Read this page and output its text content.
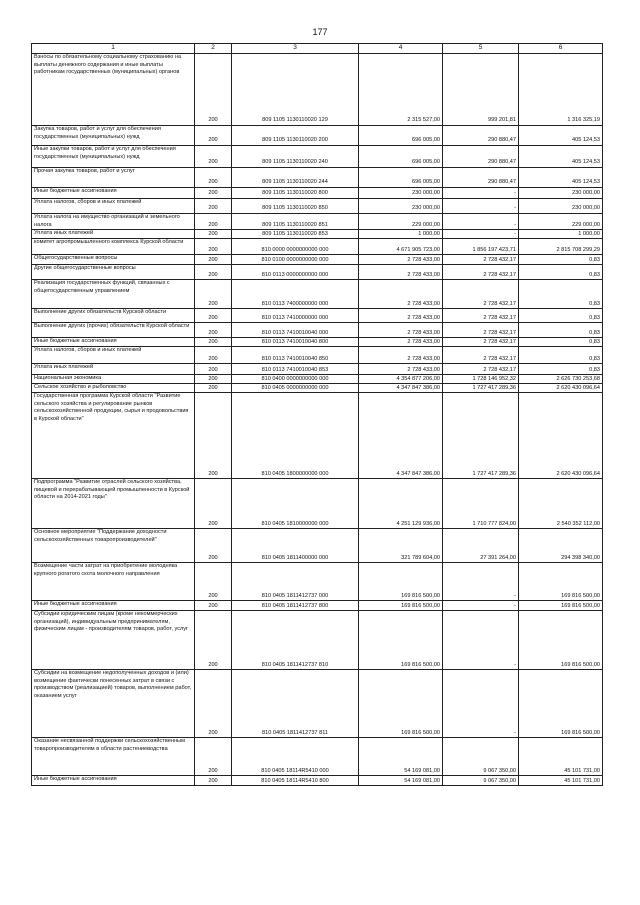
177
1	2	3	4	5	6
Взносы по обязательному социальному страхованию на выплаты денежного содержания и иные выплаты работникам государственных (муниципальных) органов	200	809 1105 1130110020 129	2 315 527,00	999 201,81	1 316 325,19
Закупка товаров, работ и услуг для обеспечения государственных (муниципальных) нужд	200	809 1105 1130110020 200	696 005,00	290 880,47	405 124,53
Иные закупки товаров, работ и услуг для обеспечения государственных (муниципальных) нужд	200	809 1105 1130110020 240	696 005,00	290 880,47	405 124,53
Прочая закупка товаров, работ и услуг	200	809 1105 1130110020 244	696 005,00	290 880,47	405 124,53
Иные бюджетные ассигнования	200	809 1105 1130110020 800	230 000,00	-	230 000,00
Уплата налогов, сборов и иных платежей	200	809 1105 1130110020 850	230 000,00	-	230 000,00
Уплата налога на имущество организаций и земельного налога	200	809 1105 1130110020 851	229 000,00	-	229 000,00
Уплата иных платежей	200	809 1105 1130110020 853	1 000,00	-	1 000,00
комитет агропромышленного комплекса Курской области	200	810 0000 0000000000 000	4 671 905 723,00	1 856 197 423,71	2 815 708 299,29
Общегосударственные вопросы	200	810 0100 0000000000 000	2 728 433,00	2 728 432,17	0,83
Другие общегосударственные вопросы	200	810 0113 0000000000 000	2 728 433,00	2 728 432,17	0,83
Реализация государственных функций, связанных с общегосударственным управлением	200	810 0113 7400000000 000	2 728 433,00	2 728 432,17	0,83
Выполнение других обязательств Курской области	200	810 0113 7410000000 000	2 728 433,00	2 728 432,17	0,83
Выполнение других (прочих) обязательств Курской области	200	810 0113 7410010040 000	2 728 433,00	2 728 432,17	0,83
Иные бюджетные ассигнования	200	810 0113 7410010040 800	2 728 433,00	2 728 432,17	0,83
Уплата налогов, сборов и иных платежей	200	810 0113 7410010040 850	2 728 433,00	2 728 432,17	0,83
Уплата иных платежей	200	810 0113 7410010040 853	2 728 433,00	2 728 432,17	0,83
Национальная экономика	200	810 0400 0000000000 000	4 354 877 206,00	1 728 146 952,32	2 626 730 253,68
Сельское хозяйство и рыболовство	200	810 0405 0000000000 000	4 347 847 386,00	1 727 417 289,36	2 620 430 096,64
Государственная программа Курской области "Развитие сельского хозяйства и регулирование рынков сельскохозяйственной продукции, сырья и продовольствия в Курской области"	200	810 0405 1800000000 000	4 347 847 386,00	1 727 417 289,36	2 620 430 096,64
Подпрограмма "Развитие отраслей сельского хозяйства, пищевой и перерабатывающей промышленности в Курской области на 2014-2021 годы"	200	810 0405 1810000000 000	4 251 129 936,00	1 710 777 824,00	2 540 352 112,00
Основное мероприятие "Поддержание доходности сельскохозяйственных товаропроизводителей"	200	810 0405 1811400000 000	321 789 604,00	27 391 264,00	294 398 340,00
Возмещение части затрат на приобретение молодняка крупного рогатого скота молочного направления	200	810 0405 1811412737 000	169 816 500,00	-	169 816 500,00
Иные бюджетные ассигнования	200	810 0405 1811412737 800	169 816 500,00	-	169 816 500,00
Субсидии юридическим лицам (кроме некоммерческих организаций), индивидуальным предпринимателям, физическим лицам - производителям товаров, работ, услуг	200	810 0405 1811412737 810	169 816 500,00	-	169 816 500,00
Субсидии на возмещение недополученных доходов и (или) возмещение фактически понесенных затрат в связи с производством (реализацией) товаров, выполнением работ, оказанием услуг	200	810 0405 1811412737 811	169 816 500,00	-	169 816 500,00
Оказание несвязанной поддержки сельскохозяйственным товаропроизводителям в области растениеводства	200	810 0405 18114R5410 000	54 169 081,00	9 067 350,00	45 101 731,00
Иные бюджетные ассигнования	200	810 0405 18114R5410 800	54 169 081,00	9 067 350,00	45 101 731,00
